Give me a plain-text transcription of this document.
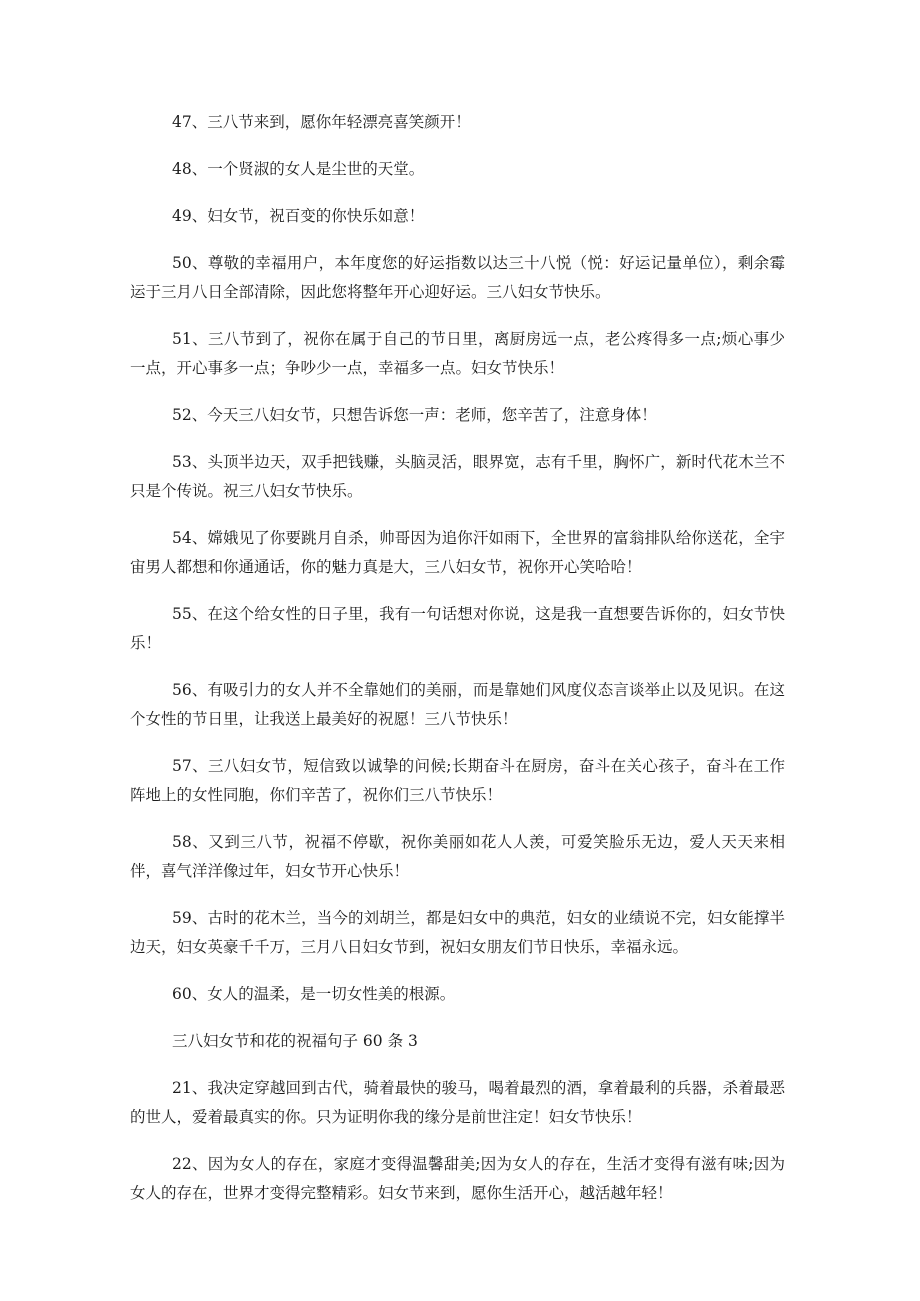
47、三八节来到，愿你年轻漂亮喜笑颜开！

48、一个贤淑的女人是尘世的天堂。

49、妇女节，祝百变的你快乐如意！

50、尊敬的幸福用户，本年度您的好运指数以达三十八悦（悦：好运记量单位），剩余霉运于三月八日全部清除，因此您将整年开心迎好运。三八妇女节快乐。

51、三八节到了，祝你在属于自己的节日里，离厨房远一点，老公疼得多一点;烦心事少一点，开心事多一点；争吵少一点，幸福多一点。妇女节快乐！

52、今天三八妇女节，只想告诉您一声：老师，您辛苦了，注意身体！

53、头顶半边天，双手把钱赚，头脑灵活，眼界宽，志有千里，胸怀广，新时代花木兰不只是个传说。祝三八妇女节快乐。

54、嫦娥见了你要跳月自杀，帅哥因为追你汗如雨下，全世界的富翁排队给你送花，全宇宙男人都想和你通通话，你的魅力真是大，三八妇女节，祝你开心笑哈哈！

55、在这个给女性的日子里，我有一句话想对你说，这是我一直想要告诉你的，妇女节快乐！

56、有吸引力的女人并不全靠她们的美丽，而是靠她们风度仪态言谈举止以及见识。在这个女性的节日里，让我送上最美好的祝愿！三八节快乐！

57、三八妇女节，短信致以诚挚的问候;长期奋斗在厨房，奋斗在关心孩子，奋斗在工作阵地上的女性同胞，你们辛苦了，祝你们三八节快乐！

58、又到三八节，祝福不停歇，祝你美丽如花人人羡，可爱笑脸乐无边，爱人天天来相伴，喜气洋洋像过年，妇女节开心快乐！

59、古时的花木兰，当今的刘胡兰，都是妇女中的典范，妇女的业绩说不完，妇女能撑半边天，妇女英豪千千万，三月八日妇女节到，祝妇女朋友们节日快乐，幸福永远。

60、女人的温柔，是一切女性美的根源。

三八妇女节和花的祝福句子 60 条 3

21、我决定穿越回到古代，骑着最快的骏马，喝着最烈的酒，拿着最利的兵器，杀着最恶的世人，爱着最真实的你。只为证明你我的缘分是前世注定！妇女节快乐！

22、因为女人的存在，家庭才变得温馨甜美;因为女人的存在，生活才变得有滋有味;因为女人的存在，世界才变得完整精彩。妇女节来到，愿你生活开心，越活越年轻！
